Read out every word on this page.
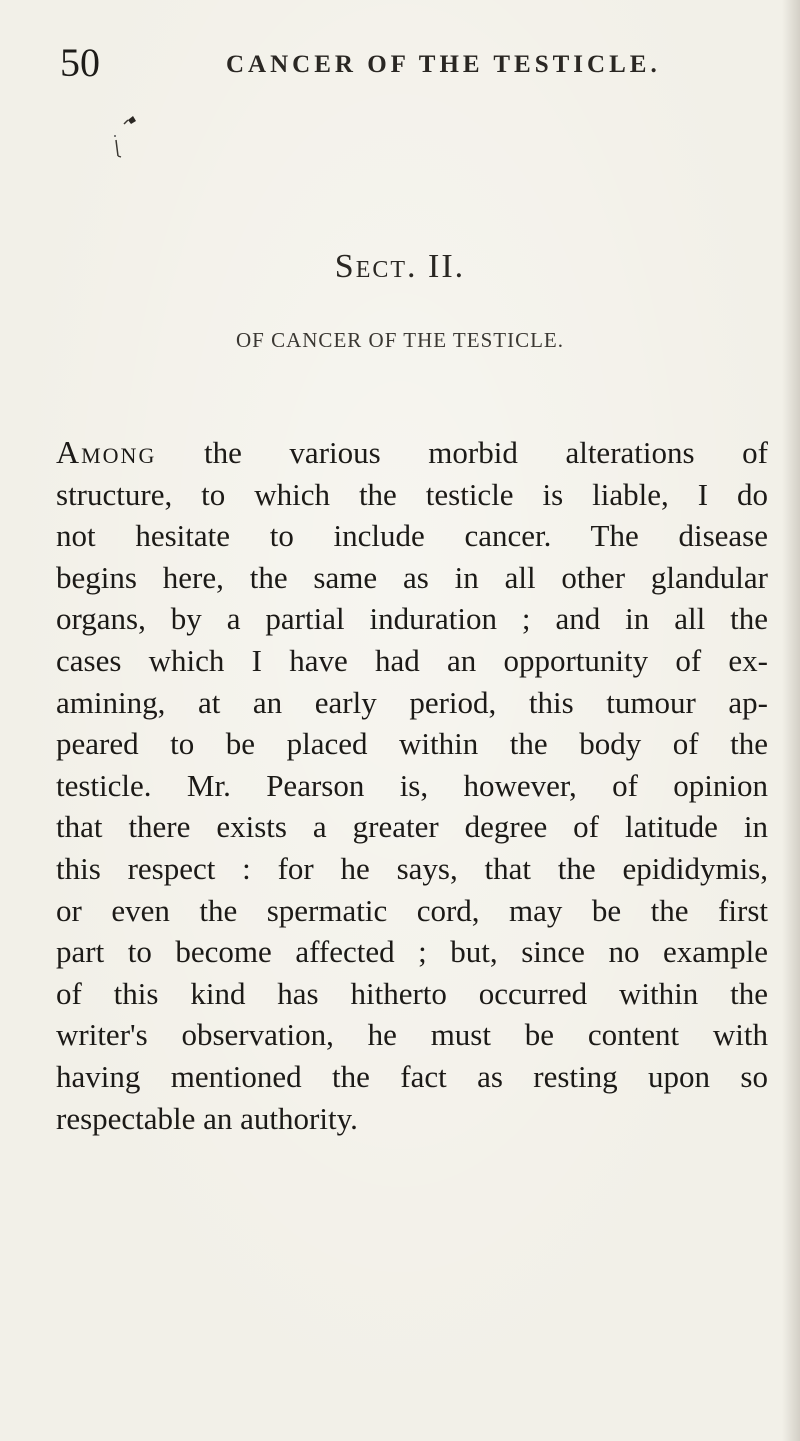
50	CANCER OF THE TESTICLE.
Sect. II.
OF CANCER OF THE TESTICLE.
Among the various morbid alterations of
structure, to which the testicle is liable, I do
not hesitate to include cancer. The disease
begins here, the same as in all other glandular
organs, by a partial induration ; and in all the
cases which I have had an opportunity of ex-
amining, at an early period, this tumour ap-
peared to be placed within the body of the
testicle. Mr. Pearson is, however, of opinion
that there exists a greater degree of latitude in
this respect : for he says, that the epididymis,
or even the spermatic cord, may be the first
part to become affected ; but, since no example
of this kind has hitherto occurred within the
writer's observation, he must be content with
having mentioned the fact as resting upon so
respectable an authority.
